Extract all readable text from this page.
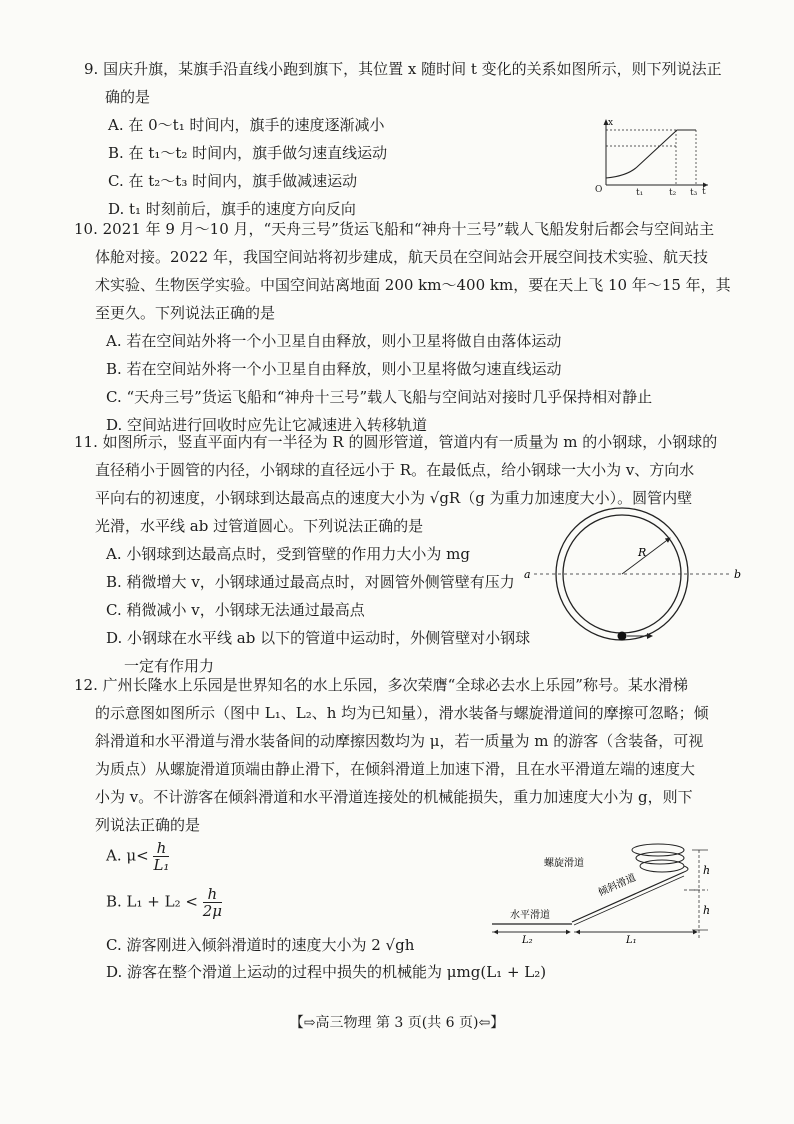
9. 国庆升旗，某旗手沿直线小跑到旗下，其位置 x 随时间 t 变化的关系如图所示，则下列说法正
确的是
A. 在 0～t₁ 时间内，旗手的速度逐渐减小
B. 在 t₁～t₂ 时间内，旗手做匀速直线运动
C. 在 t₂～t₃ 时间内，旗手做减速运动
D. t₁ 时刻前后，旗手的速度方向反向
x
t
O	t₁	t₂ t₃
10. 2021 年 9 月～10 月，“天舟三号”货运飞船和“神舟十三号”载人飞船发射后都会与空间站主
体舱对接。2022 年，我国空间站将初步建成，航天员在空间站会开展空间技术实验、航天技
术实验、生物医学实验。中国空间站离地面 200 km～400 km，要在天上飞 10 年～15 年，其
至更久。下列说法正确的是
A. 若在空间站外将一个小卫星自由释放，则小卫星将做自由落体运动
B. 若在空间站外将一个小卫星自由释放，则小卫星将做匀速直线运动
C. “天舟三号”货运飞船和“神舟十三号”载人飞船与空间站对接时几乎保持相对静止
D. 空间站进行回收时应先让它减速进入转移轨道
11. 如图所示，竖直平面内有一半径为 R 的圆形管道，管道内有一质量为 m 的小钢球，小钢球的
直径稍小于圆管的内径，小钢球的直径远小于 R。在最低点，给小钢球一大小为 v、方向水
平向右的初速度，小钢球到达最高点的速度大小为 √gR（g 为重力加速度大小）。圆管内壁
光滑，水平线 ab 过管道圆心。下列说法正确的是
A. 小钢球到达最高点时，受到管壁的作用力大小为 mg
B. 稍微增大 v，小钢球通过最高点时，对圆管外侧管壁有压力
C. 稍微减小 v，小钢球无法通过最高点
D. 小钢球在水平线 ab 以下的管道中运动时，外侧管壁对小钢球
一定有作用力
a	b
R
12. 广州长隆水上乐园是世界知名的水上乐园，多次荣膺“全球必去水上乐园”称号。某水滑梯
的示意图如图所示（图中 L₁、L₂、h 均为已知量），滑水装备与螺旋滑道间的摩擦可忽略；倾
斜滑道和水平滑道与滑水装备间的动摩擦因数均为 μ，若一质量为 m 的游客（含装备，可视
为质点）从螺旋滑道顶端由静止滑下，在倾斜滑道上加速下滑，且在水平滑道左端的速度大
小为 v。不计游客在倾斜滑道和水平滑道连接处的机械能损失，重力加速度大小为 g，则下
列说法正确的是
A. $\mu< \frac{h}{\text{L₁}}$
B. $L_1 + L_2 < \frac{h}{2\mu}$
C. 游客刚进入倾斜滑道时的速度大小为 2 √gh
D. 游客在整个滑道上运动的过程中损失的机械能为 μmg(L₁ + L₂)
螺旋滑道
倾斜滑道
水平滑道
h
h
L₂	L₁
【⇨高三物理 第 3 页(共 6 页)⇦】
